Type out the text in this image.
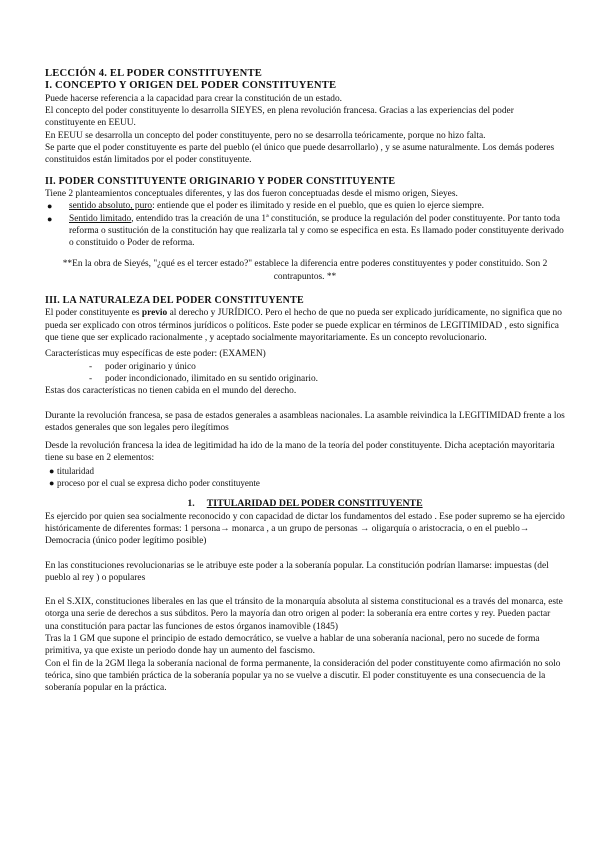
LECCIÓN 4. EL PODER CONSTITUYENTE

I. CONCEPTO Y ORIGEN DEL PODER CONSTITUYENTE

Puede hacerse referencia a la capacidad para crear la constitución de un estado.

El concepto del poder constituyente lo desarrolla SIEYES, en plena revolución francesa. Gracias a las experiencias del poder constituyente en EEUU.

En EEUU se desarrolla un concepto del poder constituyente, pero no se desarrolla teóricamente, porque no hizo falta.

Se parte que el poder constituyente es parte del pueblo (el único que puede desarrollarlo) , y se asume naturalmente. Los demás poderes constituidos están limitados por el poder constituyente.

II. PODER CONSTITUYENTE ORIGINARIO Y PODER CONSTITUYENTE

Tiene 2 planteamientos conceptuales diferentes, y las dos fueron conceptuadas desde el mismo origen, Sieyes.

●	sentido absoluto, puro: entiende que el poder es ilimitado y reside en el pueblo, que es quien lo ejerce siempre.
●	Sentido limitado, entendido tras la creación de una 1ª constitución, se produce la regulación del poder constituyente. Por tanto toda reforma o sustitución de la constitución hay que realizarla tal y como se especifica en esta. Es llamado poder constituyente derivado o constituido o Poder de reforma.

**En la obra de Sieyés, "¿qué es el tercer estado?" establece la diferencia entre poderes constituyentes y poder constituido. Son 2 contrapuntos. **

III. LA NATURALEZA DEL PODER CONSTITUYENTE

El poder constituyente es previo al derecho y JURÍDICO. Pero el hecho de que no pueda ser explicado jurídicamente, no significa que no pueda ser explicado con otros términos jurídicos o políticos. Este poder se puede explicar en términos de LEGITIMIDAD , esto significa que tiene que ser explicado racionalmente , y aceptado socialmente mayoritariamente. Es un concepto revolucionario.

Características muy específicas de este poder: (EXAMEN)

-	poder originario y único
-	poder incondicionado, ilimitado en su sentido originario.

Estas dos características no tienen cabida en el mundo del derecho.

Durante la revolución francesa, se pasa de estados generales a asambleas nacionales. La asamble reivindica la LEGITIMIDAD frente a los estados generales que son legales pero ilegítimos

Desde la revolución francesa la idea de legitimidad ha ido de la mano de la teoría del poder constituyente. Dicha aceptación mayoritaria tiene su base en 2 elementos:

● titularidad
● proceso por el cual se expresa dicho poder constituyente

1. TITULARIDAD DEL PODER CONSTITUYENTE

Es ejercido por quien sea socialmente reconocido y con capacidad de dictar los fundamentos del estado . Ese poder supremo se ha ejercido históricamente de diferentes formas: 1 persona→ monarca , a un grupo de personas → oligarquía o aristocracia, o en el pueblo→ Democracia (único poder legítimo posible)

En las constituciones revolucionarias se le atribuye este poder a la soberanía popular. La constitución podrían llamarse: impuestas (del pueblo al rey ) o populares

En el S.XIX, constituciones liberales en las que el tránsito de la monarquía absoluta al sistema constitucional es a través del monarca, este otorga una serie de derechos a sus súbditos. Pero la mayoría dan otro origen al poder: la soberanía era entre cortes y rey. Pueden pactar una constitución para pactar las funciones de estos órganos inamovible (1845)

Tras la 1 GM que supone el principio de estado democrático, se vuelve a hablar de una soberanía nacional, pero no sucede de forma primitiva, ya que existe un periodo donde hay un aumento del fascismo.

Con el fin de la 2GM llega la soberanía nacional de forma permanente, la consideración del poder constituyente como afirmación no solo teórica, sino que también práctica de la soberanía popular ya no se vuelve a discutir. El poder constituyente es una consecuencia de la soberanía popular en la práctica.
